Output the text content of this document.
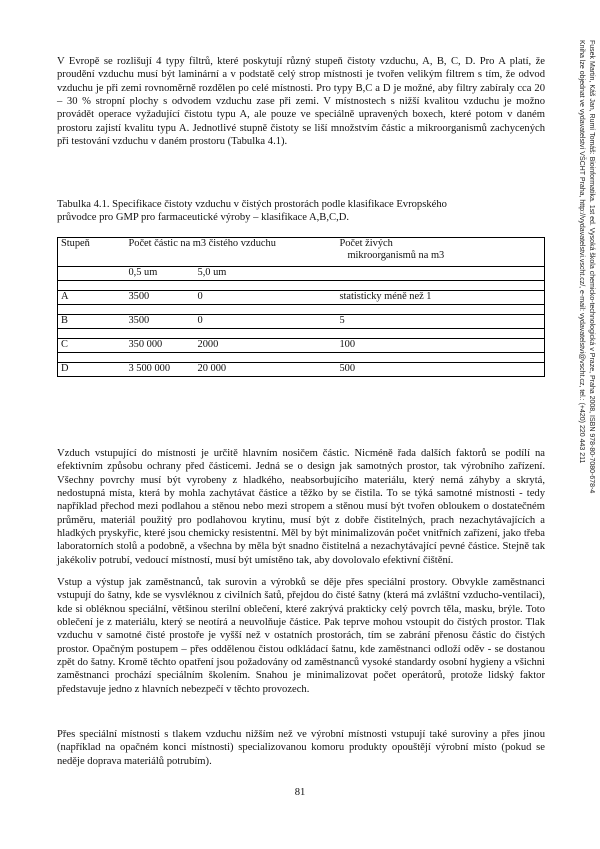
V Evropě se rozlišují 4 typy filtrů, které poskytují různý stupeň čistoty vzduchu, A, B, C, D. Pro A platí, že proudění vzduchu musí být laminární a v podstatě celý strop místnosti je tvořen velikým filtrem s tím, že odvod vzduchu je při zemi rovnoměrně rozdělen po celé místnosti. Pro typy B,C a D je možné, aby filtry zabíraly cca 20 – 30 % stropní plochy s odvodem vzduchu zase při zemi. V místnostech s nižší kvalitou vzduchu je možno provádět operace vyžadující čistotu typu A, ale pouze ve speciálně upravených boxech, které potom v daném prostoru zajistí kvalitu typu A. Jednotlivé stupně čistoty se liší množstvím částic a mikroorganismů zachycených při testování vzduchu v daném prostoru (Tabulka 4.1).

Tabulka 4.1. Specifikace čistoty vzduchu v čistých prostorách podle klasifikace Evropského průvodce pro GMP pro farmaceutické výroby – klasifikace A,B,C,D.

Stupeň	Počet částic na m3 čistého vzduchu		Počet živých
mikroorganismů na m3

	0,5 um	5,0 um	

A	3500	0	statisticky méně než 1

B	3500	0	5

C	350 000	2000	100

D	3 500 000	20 000	500

Vzduch vstupující do místnosti je určitě hlavním nosičem částic. Nicméně řada dalších faktorů se podílí na efektivním způsobu ochrany před částicemi. Jedná se o design jak samotných prostor, tak výrobního zařízení. Všechny povrchy musí být vyrobeny z hladkého, neabsorbujícího materiálu, který nemá záhyby a skrytá, nedostupná místa, která by mohla zachytávat částice a těžko by se čistila. To se týká samotné místnosti - tedy například přechod mezi podlahou a stěnou nebo mezi stropem a stěnou musí být tvořen obloukem o dostatečném průměru, materiál použitý pro podlahovou krytinu, musí být z dobře čistitelných, prach nezachytávajících a hladkých pryskyřic, které jsou chemicky resistentní. Měl by být minimalizován počet vnitřních zařízení, jako třeba laboratorních stolů a podobně, a všechna by měla být snadno čistitelná a nezachytávající pevné částice. Stejně tak jakékoliv potrubí, vedoucí místností, musí být umístěno tak, aby dovolovalo efektivní čištění.

Vstup a výstup jak zaměstnanců, tak surovin a výrobků se děje přes speciální prostory. Obvykle zaměstnanci vstupují do šatny, kde se vysvléknou z civilních šatů, přejdou do čisté šatny (která má zvláštní vzducho-ventilaci), kde si obléknou speciální, většinou sterilní oblečení, které zakrývá prakticky celý povrch těla, masku, brýle. Toto oblečení je z materiálu, který se neotírá a neuvolňuje částice. Pak teprve mohou vstoupit do čistých prostor. Tlak vzduchu v samotné čisté prostoře je vyšší než v ostatních prostorách, tím se zabrání přenosu částic do čistých prostor. Opačným postupem – přes oddělenou čistou odkládací šatnu, kde zaměstnanci odloží oděv - se dostanou zpět do šatny. Kromě těchto opatření jsou požadovány od zaměstnanců vysoké standardy osobní hygieny a všichni zaměstnanci prochází speciálním školením. Snahou je minimalizovat počet operátorů, protože lidský faktor představuje jedno z hlavních nebezpečí v těchto provozech.

Přes speciální místnosti s tlakem vzduchu nižším než ve výrobní místnosti vstupují také suroviny a přes jinou (například na opačném konci místnosti) specializovanou komoru produkty opouštějí výrobní místo (pokud se neděje doprava materiálů potrubím).

81
Fusek Martin, Káš Jan, Rumí Tomáš: Bioinformatika. 1st ed. Vysoká škola chemicko-technologická v Praze, Praha 2008, ISBN 978-80-7080-678-4
Kniha lze objednat ve vydavatelství VŠCHT Praha, http://vydavatelstvi.vscht.cz/, e-mail: vydavatelstvi@vscht.cz, tel.: (+420) 220 443 211
